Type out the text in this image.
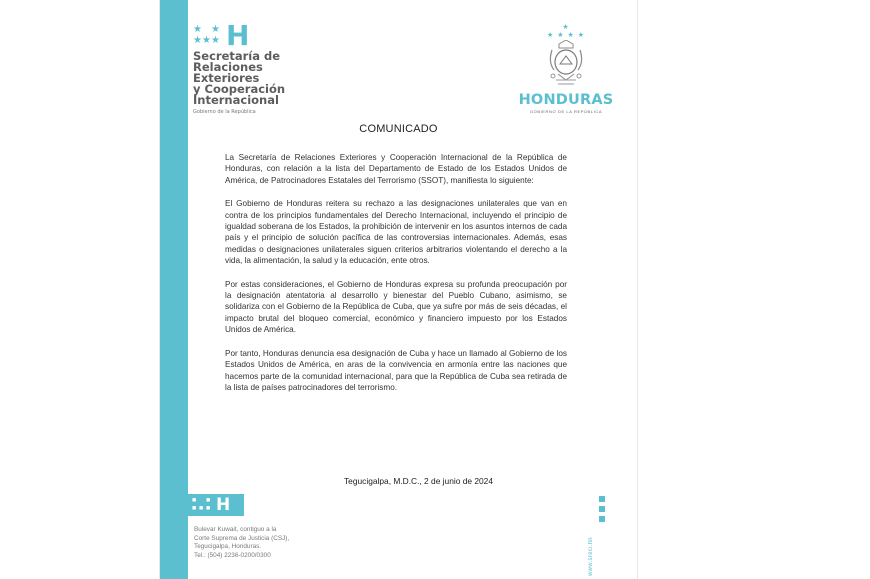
★ ★
★ ★ ★ H
Secretaría de
Relaciones
Exteriores
y Cooperación
Internacional
Gobierno de la República
★
★ ★ ★ ★
HONDURAS
GOBIERNO DE LA REPÚBLICA
COMUNICADO

La Secretaría de Relaciones Exteriores y Cooperación Internacional de la República de Honduras, con relación a la lista del Departamento de Estado de los Estados Unidos de América, de Patrocinadores Estatales del Terrorismo (SSOT), manifiesta lo siguiente:

El Gobierno de Honduras reitera su rechazo a las designaciones unilaterales que van en contra de los principios fundamentales del Derecho Internacional, incluyendo el principio de igualdad soberana de los Estados, la prohibición de intervenir en los asuntos internos de cada país y el principio de solución pacífica de las controversias internacionales. Además, esas medidas o designaciones unilaterales siguen criterios arbitrarios violentando el derecho a la vida, la alimentación, la salud y la educación, ente otros.

Por estas consideraciones, el Gobierno de Honduras expresa su profunda preocupación por la designación atentatoria al desarrollo y bienestar del Pueblo Cubano, asimismo, se solidariza con el Gobierno de la República de Cuba, que ya sufre por más de seis décadas, el impacto brutal del bloqueo comercial, económico y financiero impuesto por los Estados Unidos de América.

Por tanto, Honduras denuncia esa designación de Cuba y hace un llamado al Gobierno de los Estados Unidos de América, en aras de la convivencia en armonía entre las naciones que hacemos parte de la comunidad internacional, para que la República de Cuba sea retirada de la lista de países patrocinadores del terrorismo.

Tegucigalpa, M.D.C., 2 de junio de 2024
■	■
■ ■ ■ H
Bulevar Kuwait, contiguo a la
Corte Suprema de Justicia (CSJ),
Tegucigalpa, Honduras.
Tel.: (504) 2236-0200/0300	www.sreci.hn
